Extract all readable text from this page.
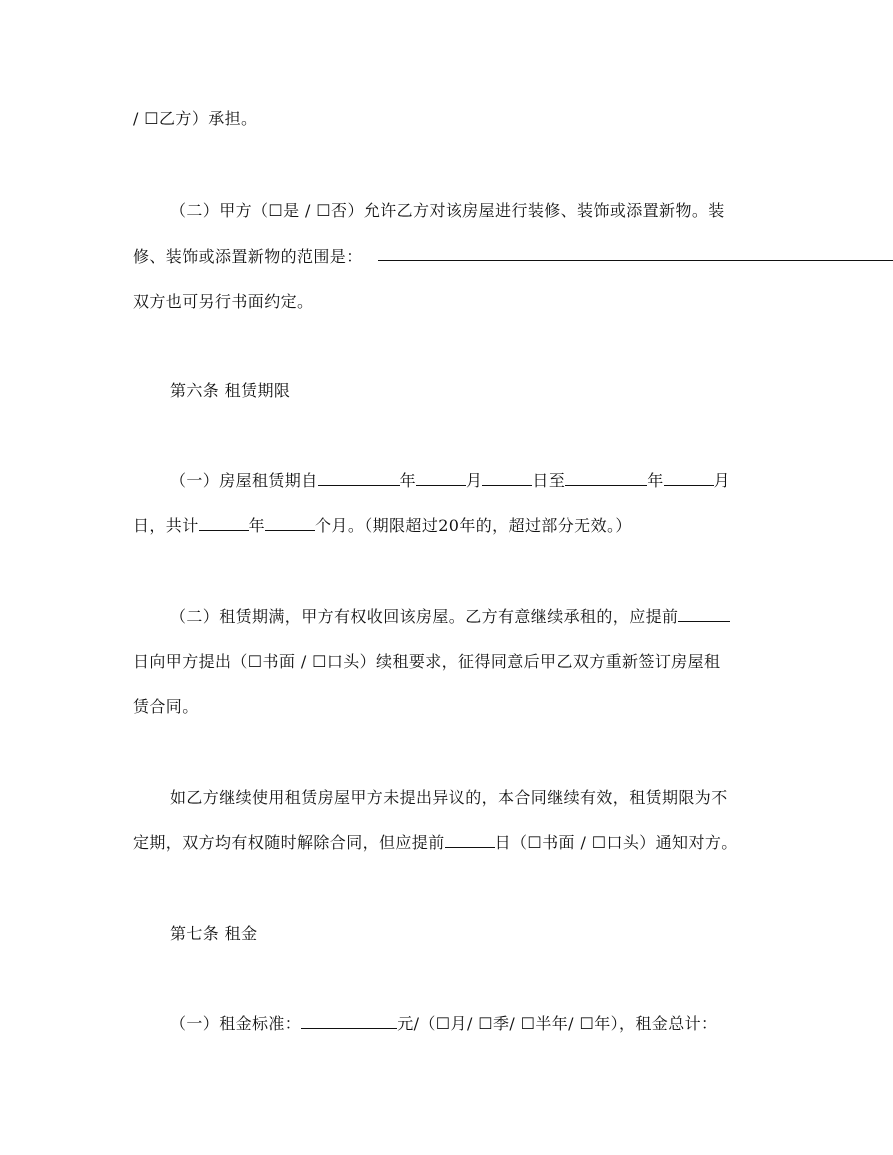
/ ☐乙方）承担。
（二）甲方（☐是 / ☐否）允许乙方对该房屋进行装修、装饰或添置新物。装
修、装饰或添置新物的范围是：
双方也可另行书面约定。
第六条 租赁期限
（一）房屋租赁期自	年	月	日至	年	月
日，共计	年	个月。（期限超过20年的，超过部分无效。）
（二）租赁期满，甲方有权收回该房屋。乙方有意继续承租的，应提前
日向甲方提出（☐书面 / ☐口头）续租要求，征得同意后甲乙双方重新签订房屋租
赁合同。
如乙方继续使用租赁房屋甲方未提出异议的，本合同继续有效，租赁期限为不
定期，双方均有权随时解除合同，但应提前	日（☐书面 / ☐口头）通知对方。
第七条 租金
（一）租金标准：	元/（☐月/ ☐季/ ☐半年/ ☐年），租金总计：
